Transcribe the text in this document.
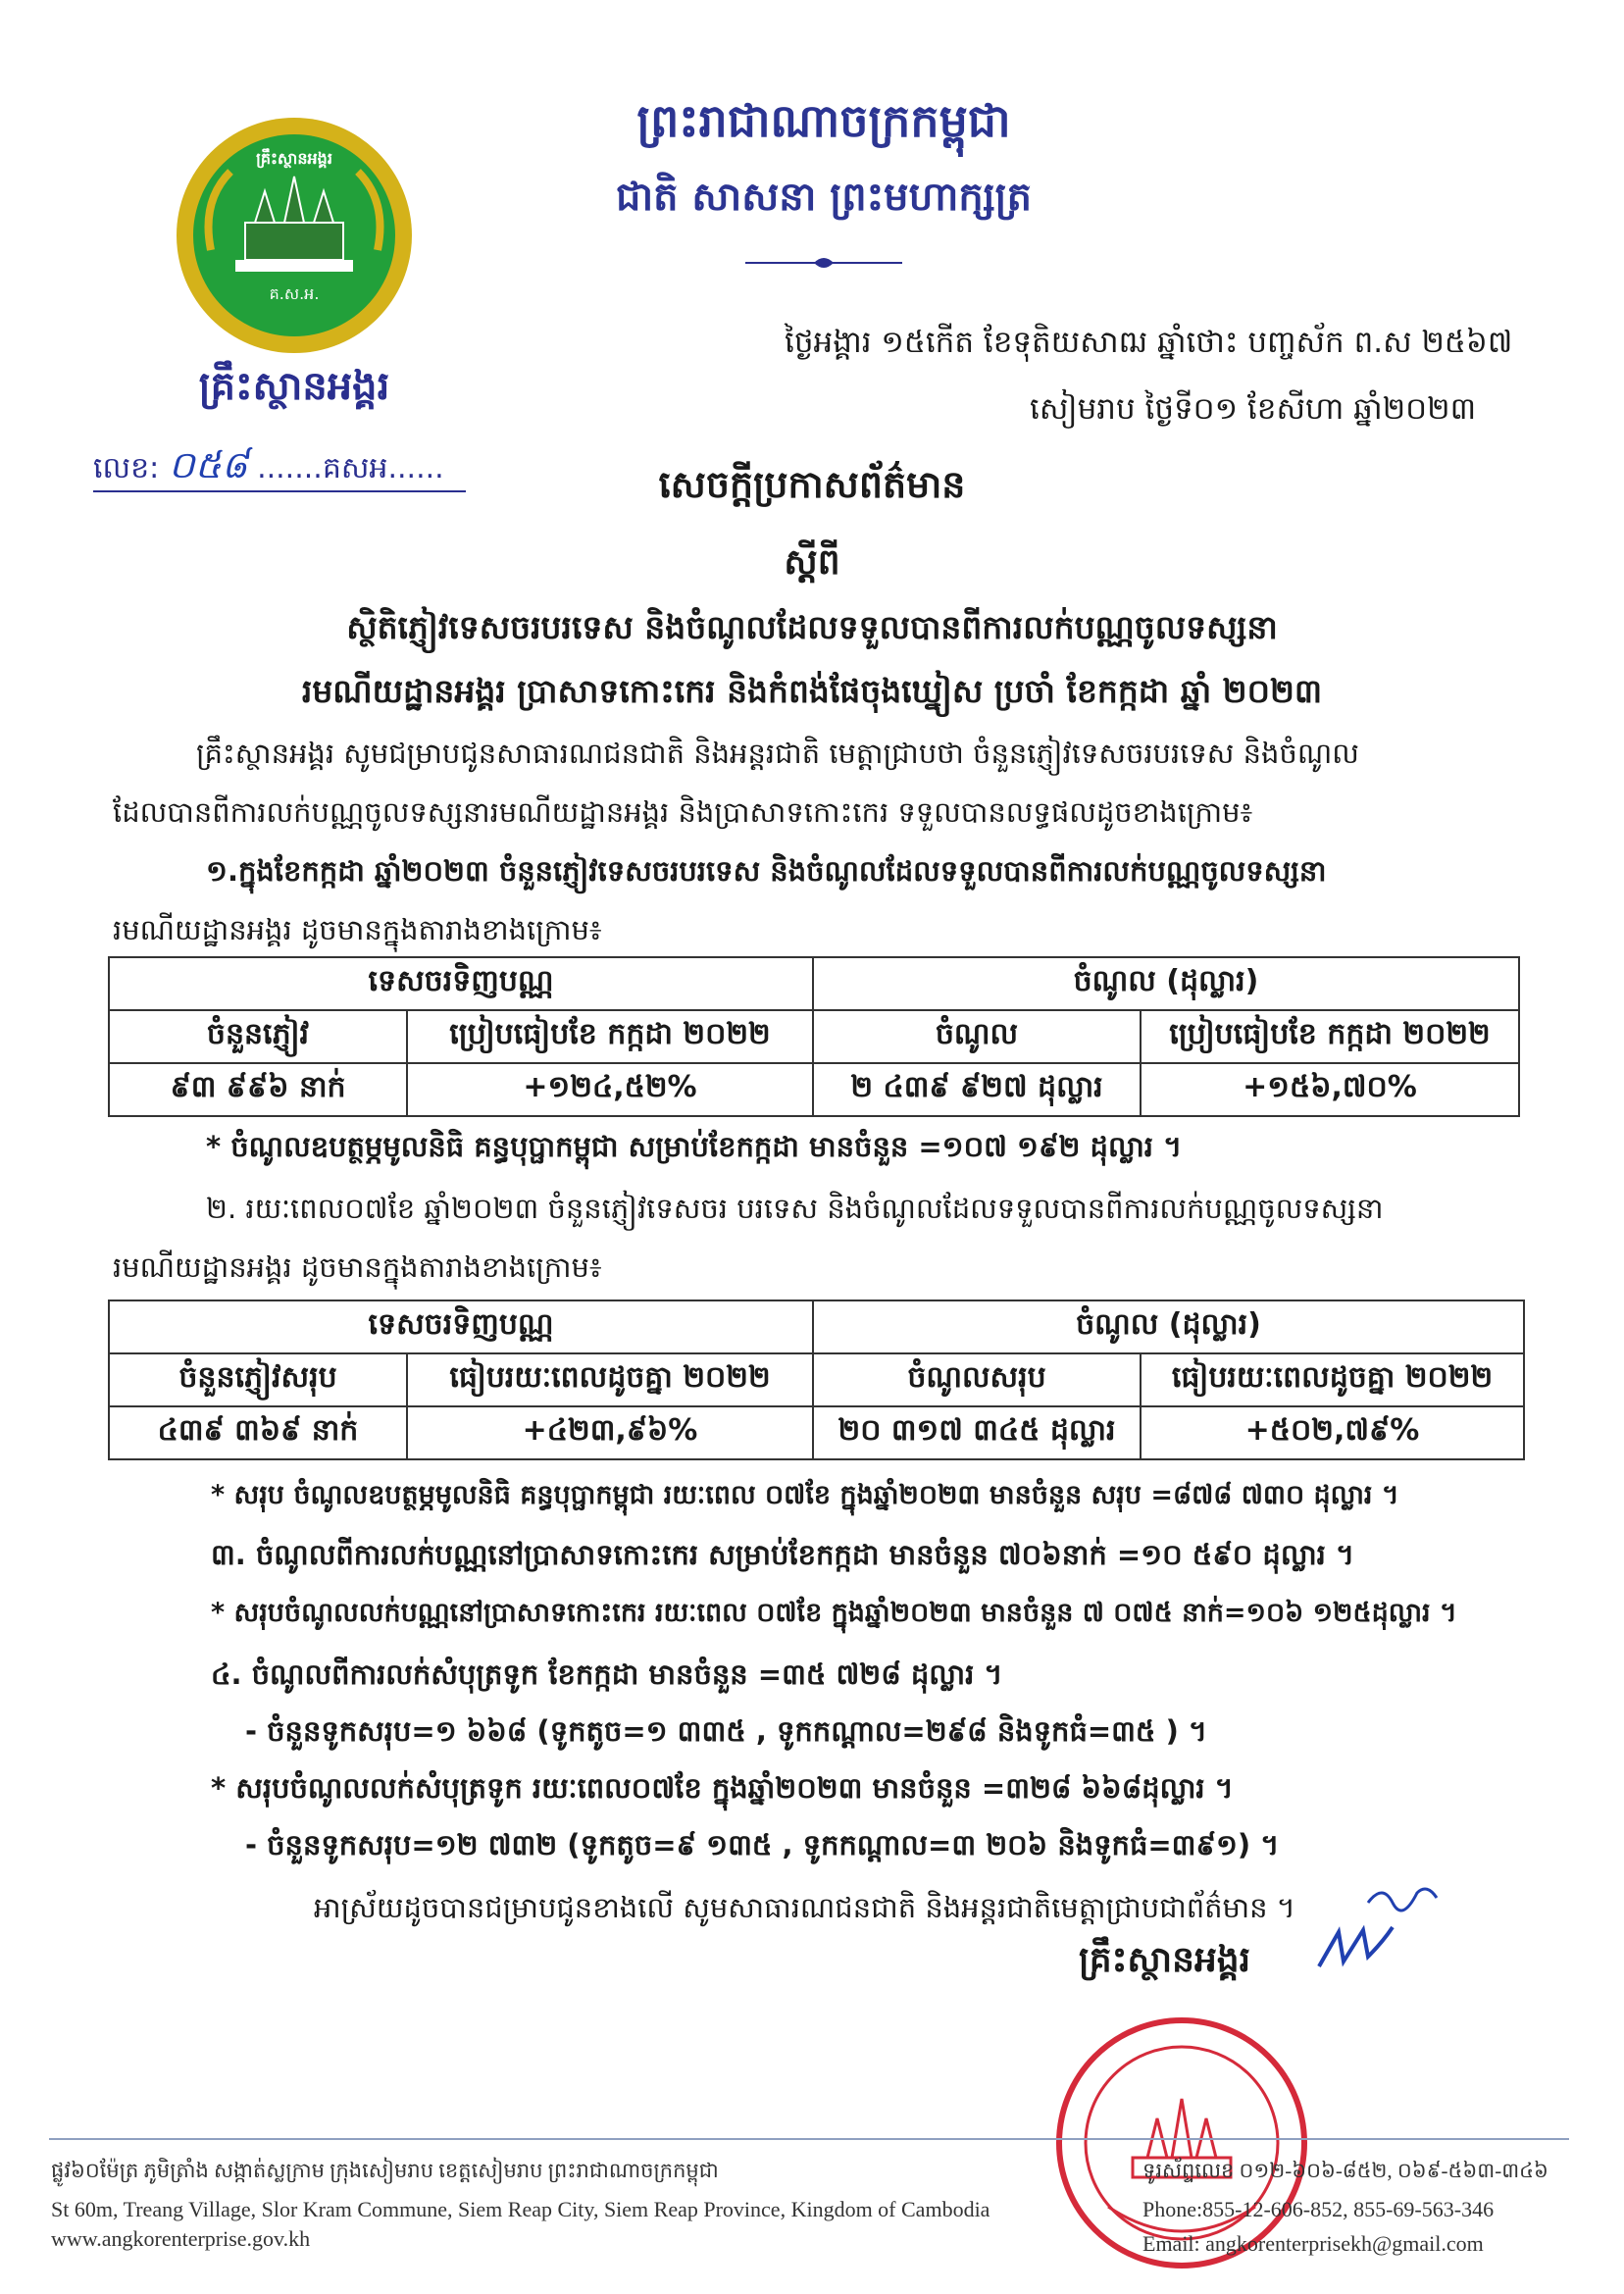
ព្រះរាជាណាចក្រកម្ពុជា
ជាតិ សាសនា ព្រះមហាក្សត្រ
គ.ស.អ.
គ្រឹះស្ថានអង្គរ
គ្រឹះស្ថានអង្គរ
លេខ: ០៥៨ .......គសអ......
ថ្ងៃអង្គារ ១៥កើត ខែទុតិយសាឍ ឆ្នាំថោះ បញ្ចស័ក ព.ស ២៥៦៧
សៀមរាប ថ្ងៃទី០១ ខែសីហា ឆ្នាំ២០២៣
សេចក្តីប្រកាសព័ត៌មាន
ស្តីពី
ស្ថិតិភ្ញៀវទេសចរបរទេស និងចំណូលដែលទទួលបានពីការលក់បណ្ណចូលទស្សនា
រមណីយដ្ឋានអង្គរ ប្រាសាទកោះកេរ និងកំពង់ផែចុងឃ្នៀស ប្រចាំ ខែកក្កដា ឆ្នាំ ២០២៣
គ្រឹះស្ថានអង្គរ សូមជម្រាបជូនសាធារណជនជាតិ និងអន្តរជាតិ មេត្តាជ្រាបថា ចំនួនភ្ញៀវទេសចរបរទេស និងចំណូល
ដែលបានពីការលក់បណ្ណចូលទស្សនារមណីយដ្ឋានអង្គរ និងប្រាសាទកោះកេរ ទទួលបានលទ្ធផលដូចខាងក្រោម៖
១.ក្នុងខែកក្កដា ឆ្នាំ២០២៣ ចំនួនភ្ញៀវទេសចរបរទេស និងចំណូលដែលទទួលបានពីការលក់បណ្ណចូលទស្សនា
រមណីយដ្ឋានអង្គរ ដូចមានក្នុងតារាងខាងក្រោម៖
ទេសចរទិញបណ្ណ		ចំណូល (ដុល្លារ)	
ចំនួនភ្ញៀវ	ប្រៀបធៀបខែ កក្កដា ២០២២	ចំណូល	ប្រៀបធៀបខែ កក្កដា ២០២២
៩៣ ៩៩៦ នាក់	+១២៤,៥២%	២ ៤៣៩ ៩២៧ ដុល្លារ	+១៥៦,៧០%
* ចំណូលឧបត្ថម្ភមូលនិធិ គន្ធបុប្ផាកម្ពុជា សម្រាប់ខែកក្កដា មានចំនួន =១០៧ ១៩២ ដុល្លារ ។
២. រយៈពេល០៧ខែ ឆ្នាំ២០២៣ ចំនួនភ្ញៀវទេសចរ បរទេស និងចំណូលដែលទទួលបានពីការលក់បណ្ណចូលទស្សនា
រមណីយដ្ឋានអង្គរ ដូចមានក្នុងតារាងខាងក្រោម៖
ទេសចរទិញបណ្ណ		ចំណូល (ដុល្លារ)	
ចំនួនភ្ញៀវសរុប	ធៀបរយៈពេលដូចគ្នា ២០២២	ចំណូលសរុប	ធៀបរយៈពេលដូចគ្នា ២០២២
៤៣៩ ៣៦៩ នាក់	+៤២៣,៩៦%	២០ ៣១៧ ៣៤៥ ដុល្លារ	+៥០២,៧៩%
* សរុប ចំណូលឧបត្ថម្ភមូលនិធិ គន្ធបុប្ផាកម្ពុជា រយៈពេល ០៧ខែ ក្នុងឆ្នាំ២០២៣ មានចំនួន សរុប =៨៧៨ ៧៣០ ដុល្លារ ។
៣. ចំណូលពីការលក់បណ្ណនៅប្រាសាទកោះកេរ សម្រាប់ខែកក្កដា មានចំនួន ៧០៦នាក់ =១០ ៥៩០ ដុល្លារ ។
* សរុបចំណូលលក់បណ្ណនៅប្រាសាទកោះកេរ រយៈពេល ០៧ខែ ក្នុងឆ្នាំ២០២៣ មានចំនួន ៧ ០៧៥ នាក់=១០៦ ១២៥ដុល្លារ ។
៤. ចំណូលពីការលក់សំបុត្រទូក ខែកក្កដា មានចំនួន =៣៥ ៧២៨ ដុល្លារ ។
- ចំនួនទូកសរុប=១ ៦៦៨ (ទូកតូច=១ ៣៣៥ , ទូកកណ្តាល=២៩៨ និងទូកធំ=៣៥ ) ។
* សរុបចំណូលលក់សំបុត្រទូក រយៈពេល០៧ខែ ក្នុងឆ្នាំ២០២៣ មានចំនួន =៣២៨ ៦៦៨ដុល្លារ ។
- ចំនួនទូកសរុប=១២ ៧៣២ (ទូកតូច=៩ ១៣៥ , ទូកកណ្តាល=៣ ២០៦ និងទូកធំ=៣៩១) ។
អាស្រ័យដូចបានជម្រាបជូនខាងលើ សូមសាធារណជនជាតិ និងអន្តរជាតិមេត្តាជ្រាបជាព័ត៌មាន ។
គ្រឹះស្ថានអង្គរ
ផ្លូវ៦០ម៉ែត្រ ភូមិត្រាំង សង្កាត់ស្លក្រាម ក្រុងសៀមរាប ខេត្តសៀមរាប ព្រះរាជាណាចក្រកម្ពុជា
St 60m, Treang Village, Slor Kram Commune, Siem Reap City, Siem Reap Province, Kingdom of Cambodia
www.angkorenterprise.gov.kh
ទូរស័ព្ទលេខ ០១២-៦០៦-៨៥២, ០៦៩-៥៦៣-៣៤៦
Phone:855-12-606-852, 855-69-563-346
Email: angkorenterprisekh@gmail.com
